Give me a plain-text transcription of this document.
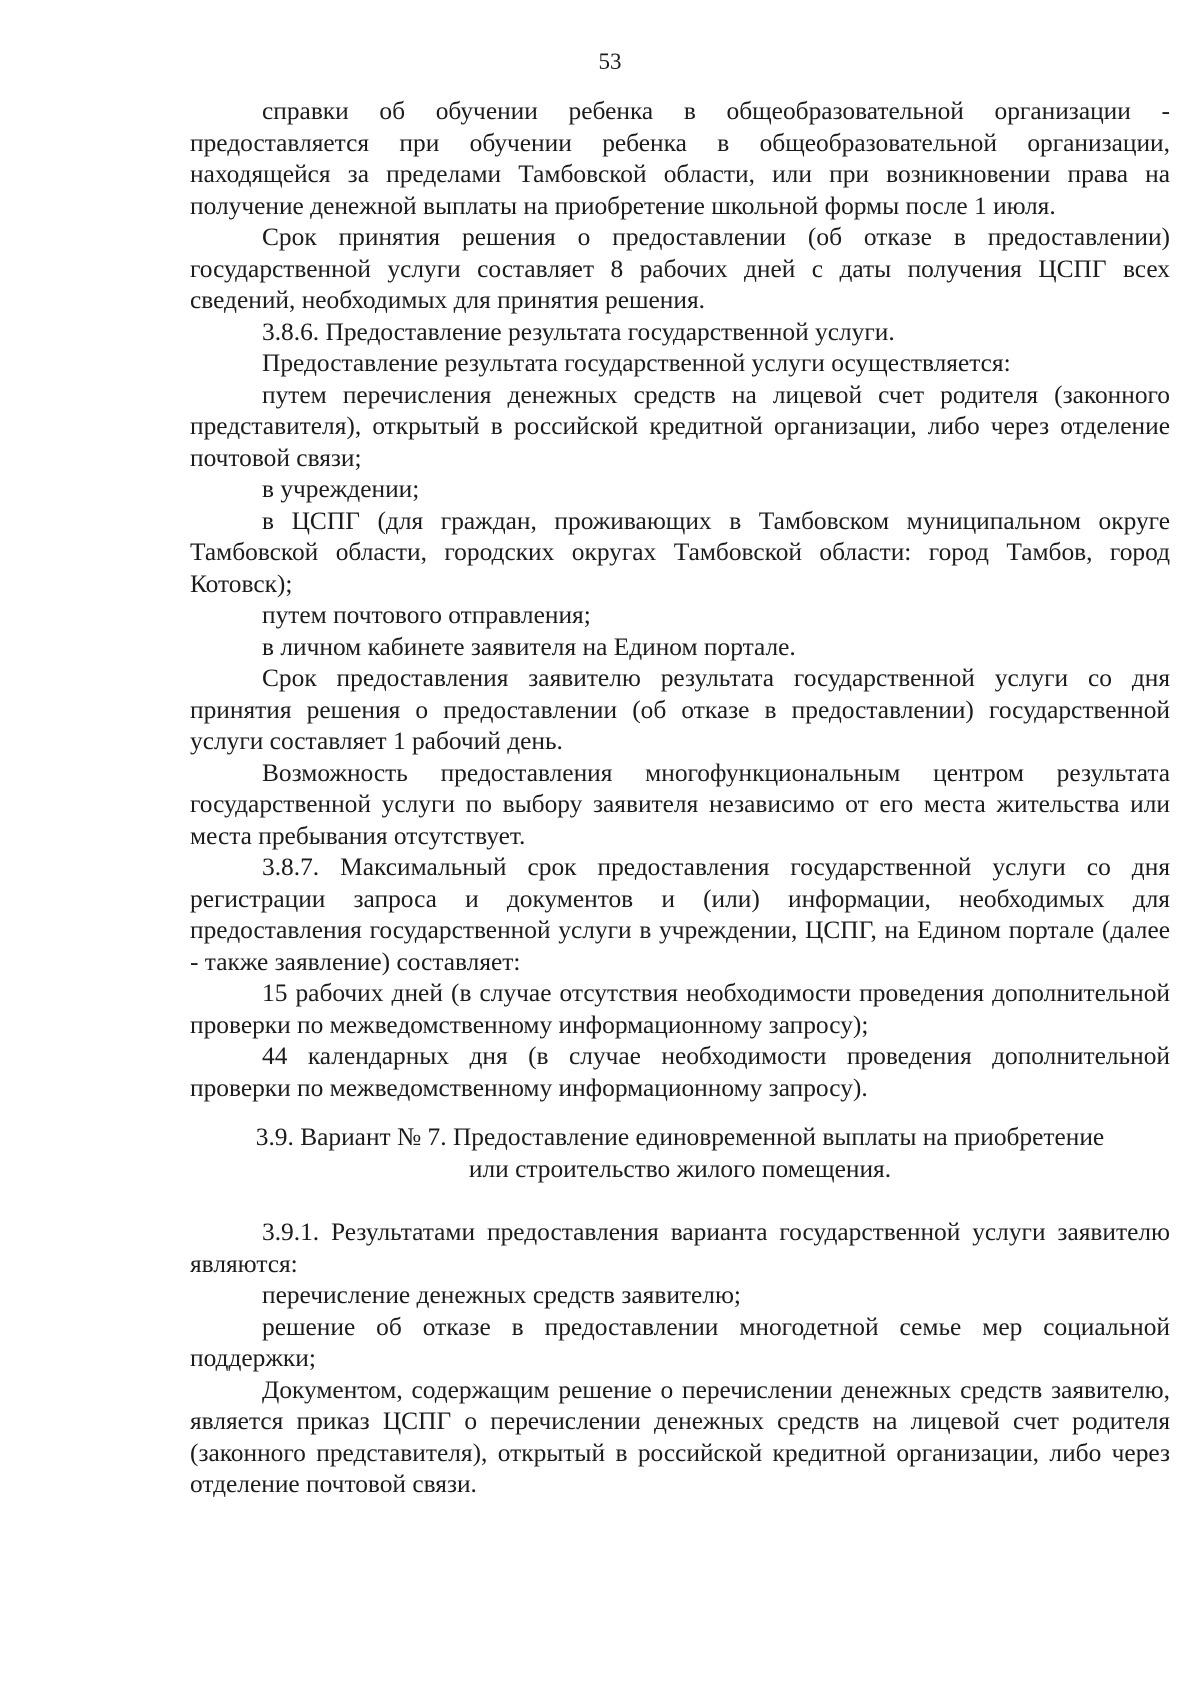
53

справки об обучении ребенка в общеобразовательной организации - предоставляется при обучении ребенка в общеобразовательной организации, находящейся за пределами Тамбовской области, или при возникновении права на получение денежной выплаты на приобретение школьной формы после 1 июля.

Срок принятия решения о предоставлении (об отказе в предоставлении) государственной услуги составляет 8 рабочих дней с даты получения ЦСПГ всех сведений, необходимых для принятия решения.

3.8.6. Предоставление результата государственной услуги.

Предоставление результата государственной услуги осуществляется:

путем перечисления денежных средств на лицевой счет родителя (законного представителя), открытый в российской кредитной организации, либо через отделение почтовой связи;

в учреждении;

в ЦСПГ (для граждан, проживающих в Тамбовском муниципальном округе Тамбовской области, городских округах Тамбовской области: город Тамбов, город Котовск);

путем почтового отправления;

в личном кабинете заявителя на Едином портале.

Срок предоставления заявителю результата государственной услуги со дня принятия решения о предоставлении (об отказе в предоставлении) государственной услуги составляет 1 рабочий день.

Возможность предоставления многофункциональным центром результата государственной услуги по выбору заявителя независимо от его места жительства или места пребывания отсутствует.

3.8.7. Максимальный срок предоставления государственной услуги со дня регистрации запроса и документов и (или) информации, необходимых для предоставления государственной услуги в учреждении, ЦСПГ, на Едином портале (далее - также заявление) составляет:

15 рабочих дней (в случае отсутствия необходимости проведения дополнительной проверки по межведомственному информационному запросу);

44 календарных дня (в случае необходимости проведения дополнительной проверки по межведомственному информационному запросу).

3.9. Вариант № 7. Предоставление единовременной выплаты на приобретение

или строительство жилого помещения.

3.9.1. Результатами предоставления варианта государственной услуги заявителю являются:

перечисление денежных средств заявителю;

решение об отказе в предоставлении многодетной семье мер социальной поддержки;

Документом, содержащим решение о перечислении денежных средств заявителю, является приказ ЦСПГ о перечислении денежных средств на лицевой счет родителя (законного представителя), открытый в российской кредитной организации, либо через отделение почтовой связи.
